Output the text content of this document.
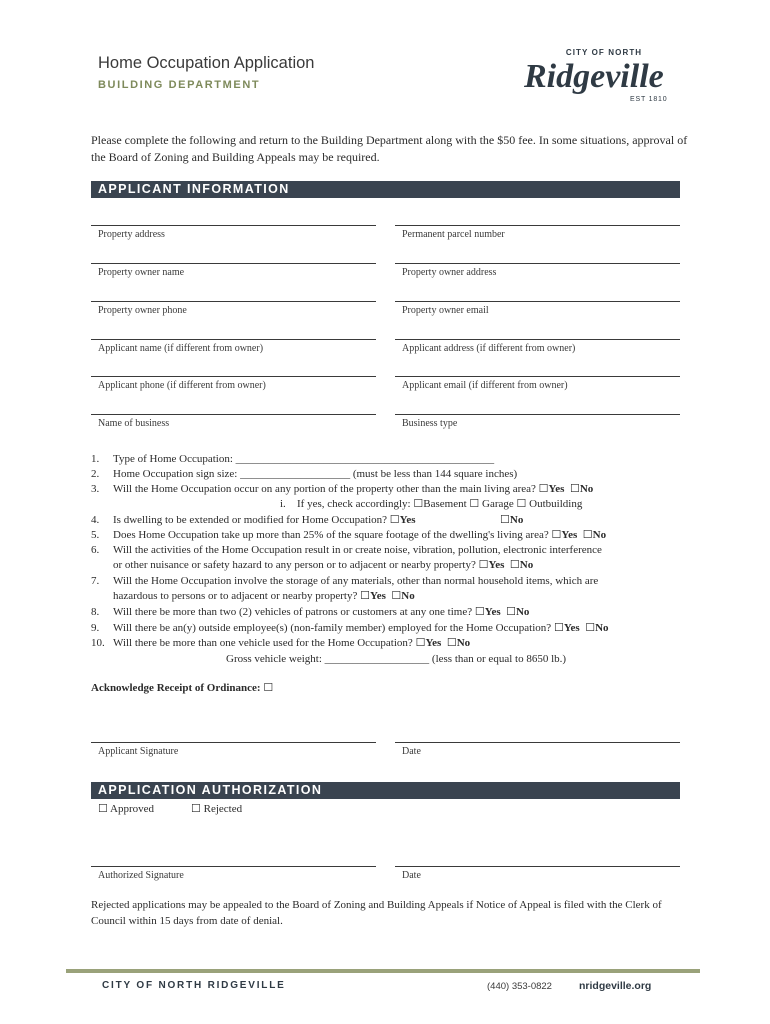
Home Occupation Application
BUILDING DEPARTMENT
CITY OF NORTH
Ridgeville
EST 1810
Please complete the following and return to the Building Department along with the $50 fee. In some situations, approval of the Board of Zoning and Building Appeals may be required.
APPLICANT INFORMATION
Property address	Permanent parcel number
Property owner name	Property owner address
Property owner phone	Property owner email
Applicant name (if different from owner)	Applicant address (if different from owner)
Applicant phone (if different from owner)	Applicant email (if different from owner)
Name of business	Business type
1. Type of Home Occupation: _______________________________________________
2. Home Occupation sign size: ____________________ (must be less than 144 square inches)
3. Will the Home Occupation occur on any portion of the property other than the main living area? ☐Yes ☐No
i. If yes, check accordingly: ☐Basement ☐ Garage ☐ Outbuilding
4. Is dwelling to be extended or modified for Home Occupation? ☐Yes	☐No
5. Does Home Occupation take up more than 25% of the square footage of the dwelling's living area? ☐Yes ☐No
6. Will the activities of the Home Occupation result in or create noise, vibration, pollution, electronic interference
or other nuisance or safety hazard to any person or to adjacent or nearby property? ☐Yes ☐No
7. Will the Home Occupation involve the storage of any materials, other than normal household items, which are
hazardous to persons or to adjacent or nearby property? ☐Yes ☐No
8. Will there be more than two (2) vehicles of patrons or customers at any one time? ☐Yes ☐No
9. Will there be an(y) outside employee(s) (non-family member) employed for the Home Occupation? ☐Yes ☐No
10. Will there be more than one vehicle used for the Home Occupation? ☐Yes ☐No
Gross vehicle weight: ___________________ (less than or equal to 8650 lb.)
Acknowledge Receipt of Ordinance: ☐
Applicant Signature	Date
APPLICATION AUTHORIZATION
☐ Approved	☐ Rejected
Authorized Signature	Date
Rejected applications may be appealed to the Board of Zoning and Building Appeals if Notice of Appeal is filed with the Clerk of Council within 15 days from date of denial.
CITY OF NORTH RIDGEVILLE	(440) 353-0822	nridgeville.org
